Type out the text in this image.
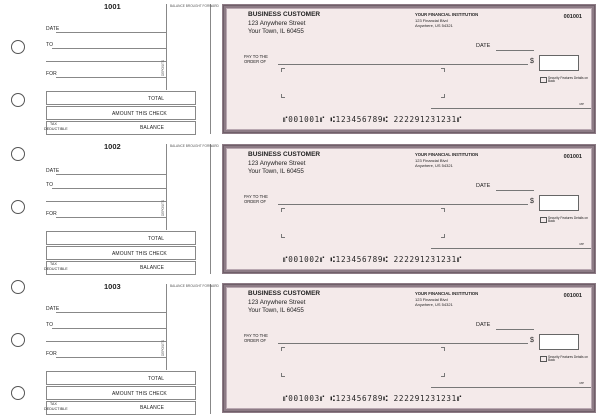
1001
DATE
TO
FOR	DEPOSITS
BALANCE BROUGHT FORWARD
TOTAL
AMOUNT THIS CHECK
TAX
DEDUCTIBLE	BALANCE
BUSINESS CUSTOMER
123 Anywhere Street
Your Town, IL 60455
YOUR FINANCIAL INSTITUTION
123 Financial Blvd
Anywhere, US 54321
001001
DATE
PAY TO THE
ORDER OF	$
Security Features Details on Back
MP
⑈001001⑈ ⑆123456789⑆ 222291231231⑈
1002
DATE
TO
FOR	DEPOSITS
BALANCE BROUGHT FORWARD
TOTAL
AMOUNT THIS CHECK
TAX
DEDUCTIBLE	BALANCE
BUSINESS CUSTOMER
123 Anywhere Street
Your Town, IL 60455
YOUR FINANCIAL INSTITUTION
123 Financial Blvd
Anywhere, US 54321
001001
DATE
PAY TO THE
ORDER OF	$
Security Features Details on Back
MP
⑈001002⑈ ⑆123456789⑆ 222291231231⑈
1003
DATE
TO
FOR	DEPOSITS
BALANCE BROUGHT FORWARD
TOTAL
AMOUNT THIS CHECK
TAX
DEDUCTIBLE	BALANCE
BUSINESS CUSTOMER
123 Anywhere Street
Your Town, IL 60455
YOUR FINANCIAL INSTITUTION
123 Financial Blvd
Anywhere, US 54321
001001
DATE
PAY TO THE
ORDER OF	$
Security Features Details on Back
MP
⑈001003⑈ ⑆123456789⑆ 222291231231⑈
